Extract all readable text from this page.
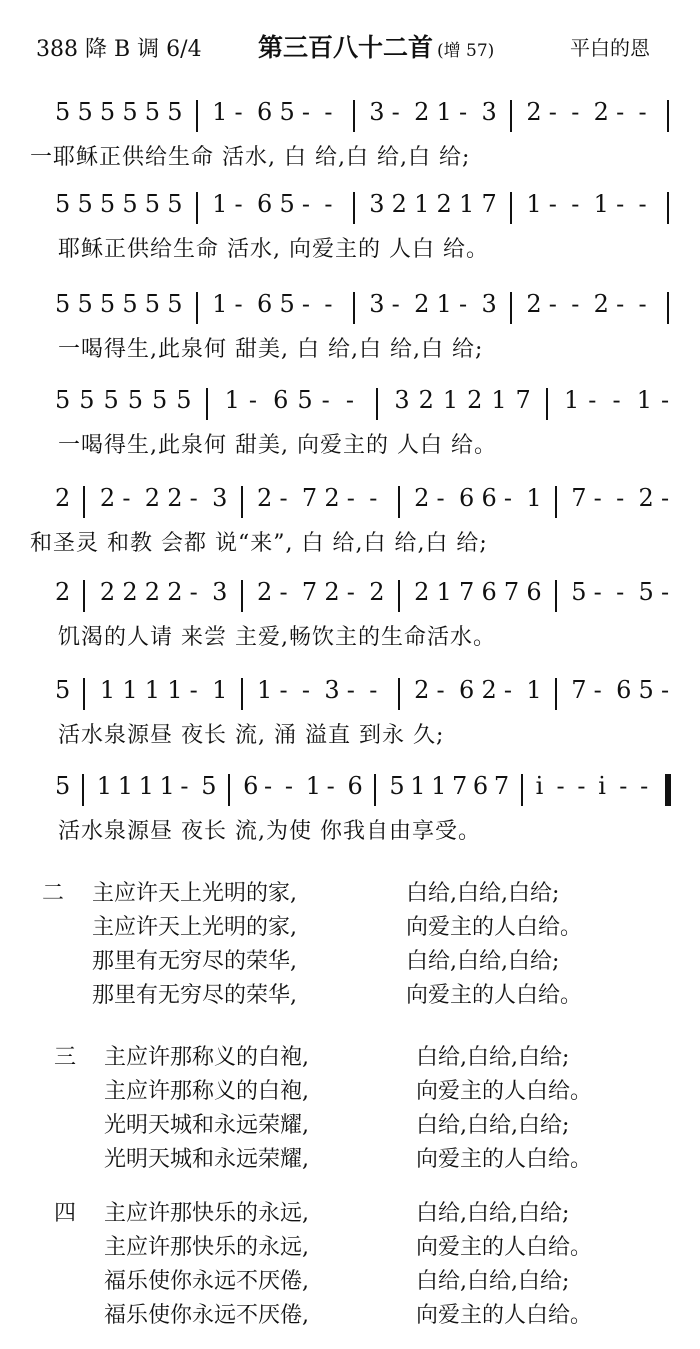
388 降 B 调 6/4 第三百八十二首 (增 57)	平白的恩
5 5 5 5 5 5 1 - 6 5 - - 3 - 2 1 - 3 2 - - 2 - -
一耶稣正供给生命 活水, 白 给,白 给,白 给;
5 5 5 5 5 5 1 - 6 5 - - 3 2 1 2 1 7 1 - - 1 - -
耶稣正供给生命 活水, 向爱主的 人白 给。
5 5 5 5 5 5 1 - 6 5 - - 3 - 2 1 - 3 2 - - 2 - -
一喝得生,此泉何 甜美, 白 给,白 给,白 给;
5 5 5 5 5 5 1 - 6 5 - - 3 2 1 2 1 7 1 - - 1 -
一喝得生,此泉何 甜美, 向爱主的 人白 给。
2 2 - 2 2 - 3 2 - 7 2 - - 2 - 6 6 - 1 7 - - 2 -
和圣灵 和教 会都 说“来”, 白 给,白 给,白 给;
2 2 2 2 2 - 3 2 - 7 2 - 2 2 1 7 6 7 6 5 - - 5 -
饥渴的人请 来尝 主爱,畅饮主的生命活水。
5 1 1 1 1 - 1 1 - - 3 - - 2 - 6 2 - 1 7 - 6 5 -
活水泉源昼 夜长 流, 涌 溢直 到永 久;
5 1 1 1 1 - 5 6 - - 1 - 6 5 1 1 7 6 7 i - - i - -
活水泉源昼 夜长 流,为使 你我自由享受。
二 主应许天上光明的家,	白给,白给,白给;
主应许天上光明的家,	向爱主的人白给。
那里有无穷尽的荣华,	白给,白给,白给;
那里有无穷尽的荣华,	向爱主的人白给。
三 主应许那称义的白袍,	白给,白给,白给;
主应许那称义的白袍,	向爱主的人白给。
光明天城和永远荣耀,	白给,白给,白给;
光明天城和永远荣耀,	向爱主的人白给。
四 主应许那快乐的永远,	白给,白给,白给;
主应许那快乐的永远,	向爱主的人白给。
福乐使你永远不厌倦,	白给,白给,白给;
福乐使你永远不厌倦,	向爱主的人白给。
